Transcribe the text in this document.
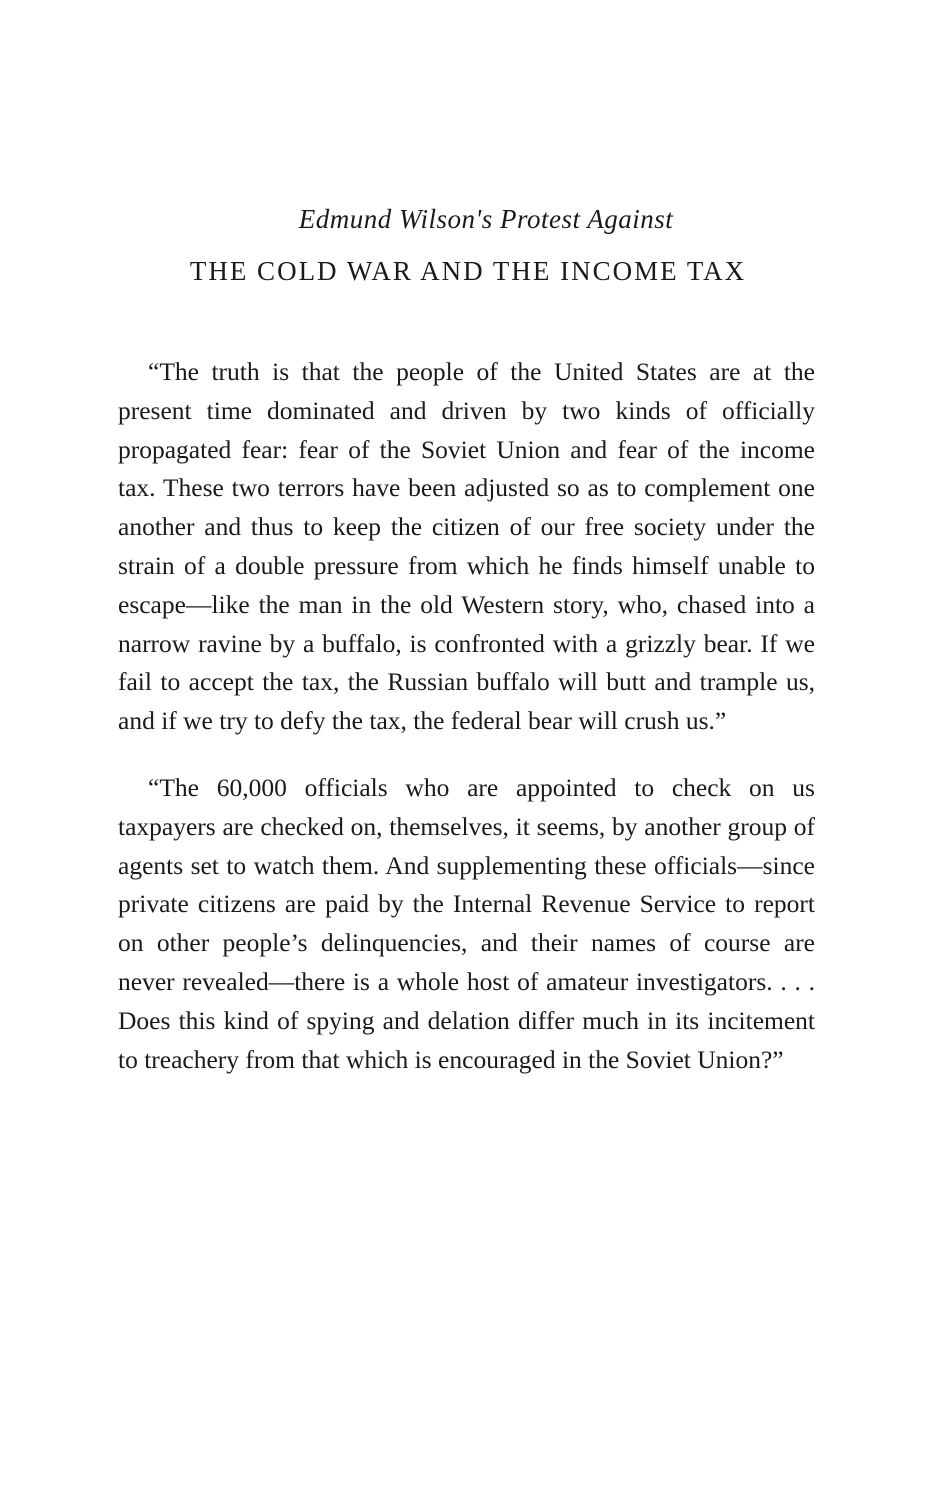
Edmund Wilson's Protest Against
THE COLD WAR AND THE INCOME TAX

“The truth is that the people of the United States are at the present time dominated and driven by two kinds of officially propagated fear: fear of the Soviet Union and fear of the income tax. These two terrors have been adjusted so as to complement one another and thus to keep the citizen of our free society under the strain of a double pressure from which he finds himself unable to escape—like the man in the old Western story, who, chased into a narrow ravine by a buffalo, is confronted with a grizzly bear. If we fail to accept the tax, the Russian buffalo will butt and trample us, and if we try to defy the tax, the federal bear will crush us.”

“The 60,000 officials who are appointed to check on us taxpayers are checked on, themselves, it seems, by another group of agents set to watch them. And supplementing these officials—since private citizens are paid by the Internal Revenue Service to report on other people’s delinquencies, and their names of course are never revealed—there is a whole host of amateur investigators. . . . Does this kind of spying and delation differ much in its incitement to treachery from that which is encouraged in the Soviet Union?”
